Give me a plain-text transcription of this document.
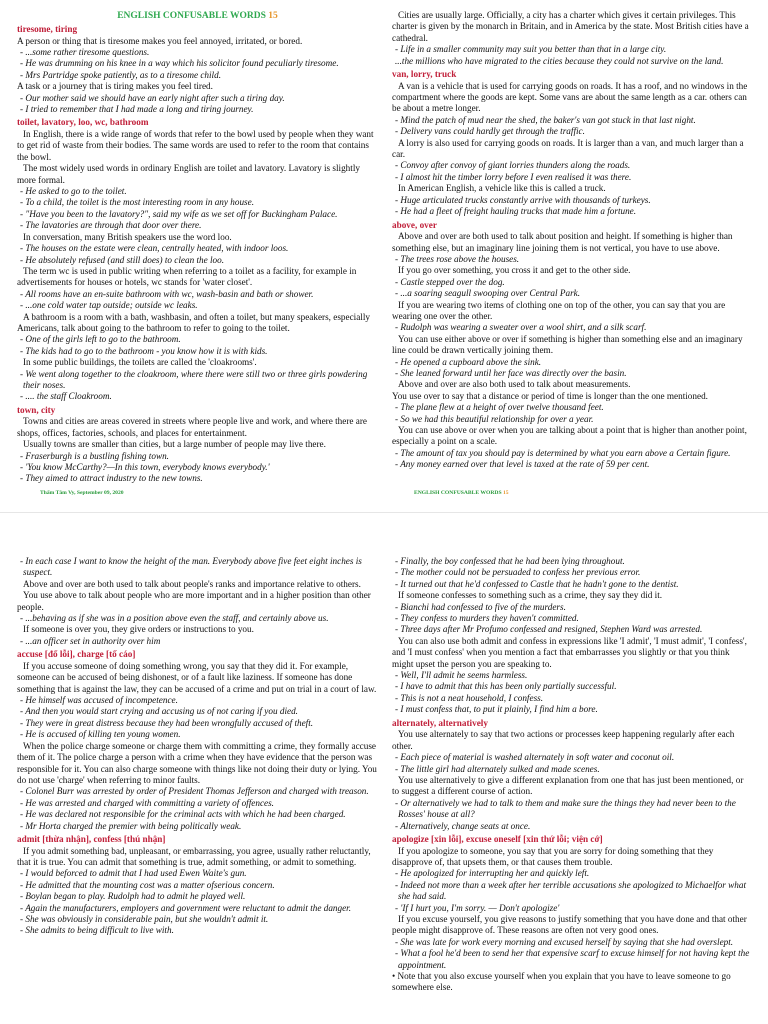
ENGLISH CONFUSABLE WORDS 15

tiresome, tiring

A person or thing that is tiresome makes you feel annoyed, irritated, or bored.

- ...some rather tiresome questions.

- He was drumming on his knee in a way which his solicitor found peculiarly tiresome.

- Mrs Partridge spoke patiently, as to a tiresome child.

A task or a journey that is tiring makes you feel tired.

- Our mother said we should have an early night after such a tiring day.

- I tried to remember that I had made a long and tiring journey.

toilet, lavatory, loo, wc, bathroom

In English, there is a wide range of words that refer to the bowl used by people when they want to get rid of waste from their bodies. The same words are used to refer to the room that contains the bowl.

The most widely used words in ordinary English are toilet and lavatory. Lavatory is slightly more formal.

- He asked to go to the toilet.

- To a child, the toilet is the most interesting room in any house.

- "Have you been to the lavatory?", said my wife as we set off for Buckingham Palace.

- The lavatories are through that door over there.

In conversation, many British speakers use the word loo.

- The houses on the estate were clean, centrally heated, with indoor loos.

- He absolutely refused (and still does) to clean the loo.

The term wc is used in public writing when referring to a toilet as a facility, for example in advertisements for houses or hotels, wc stands for 'water closet'.

- All rooms have an en-suite bathroom with wc, wash-basin and bath or shower.

- ...one cold water tap outside; outside wc leaks.

A bathroom is a room with a bath, washbasin, and often a toilet, but many speakers, especially Americans, talk about going to the bathroom to refer to going to the toilet.

- One of the girls left to go to the bathroom.

- The kids had to go to the bathroom - you know how it is with kids.

In some public buildings, the toilets are called the 'cloakrooms'.

- We went along together to the cloakroom, where there were still two or three girls powdering their noses.

- .... the staff Cloakroom.

town, city

Towns and cities are areas covered in streets where people live and work, and where there are shops, offices, factories, schools, and places for entertainment.

Usually towns are smaller than cities, but a large number of people may live there.

- Fraserburgh is a bustling fishing town.

- 'You know McCarthy?—In this town, everybody knows everybody.'

- They aimed to attract industry to the new towns.

Thẩm Tâm Vy, September 09, 2020

Cities are usually large. Officially, a city has a charter which gives it certain privileges. This charter is given by the monarch in Britain, and in America by the state. Most British cities have a cathedral.

- Life in a smaller community may suit you better than that in a large city.

...the millions who have migrated to the cities because they could not survive on the land.

van, lorry, truck

A van is a vehicle that is used for carrying goods on roads. It has a roof, and no windows in the compartment where the goods are kept. Some vans are about the same length as a car. others can be about a metre longer.

- Mind the patch of mud near the shed, the baker's van got stuck in that last night.

- Delivery vans could hardly get through the traffic.

A lorry is also used for carrying goods on roads. It is larger than a van, and much larger than a car.

- Convoy after convoy of giant lorries thunders along the roads.

- I almost hit the timber lorry before I even realised it was there.

In American English, a vehicle like this is called a truck.

- Huge articulated trucks constantly arrive with thousands of turkeys.

- He had a fleet of freight hauling trucks that made him a fortune.

above, over

Above and over are both used to talk about position and height. If something is higher than something else, but an imaginary line joining them is not vertical, you have to use above.

- The trees rose above the houses.

If you go over something, you cross it and get to the other side.

- Castle stepped over the dog.

- ...a soaring seagull swooping over Central Park.

If you are wearing two items of clothing one on top of the other, you can say that you are wearing one over the other.

- Rudolph was wearing a sweater over a wool shirt, and a silk scarf.

You can use either above or over if something is higher than something else and an imaginary line could be drawn vertically joining them.

- He opened a cupboard above the sink.

- She leaned forward until her face was directly over the basin.

Above and over are also both used to talk about measurements.

You use over to say that a distance or period of time is longer than the one mentioned.

- The plane flew at a height of over twelve thousand feet.

- So we had this beautiful relationship for over a year.

You can use above or over when you are talking about a point that is higher than another point, especially a point on a scale.

- The amount of tax you should pay is determined by what you earn above a Certain figure.

- Any money earned over that level is taxed at the rate of 59 per cent.

ENGLISH CONFUSABLE WORDS 15

- In each case I want to know the height of the man. Everybody above five feet eight inches is suspect.

Above and over are both used to talk about people's ranks and importance relative to others.

You use above to talk about people who are more important and in a higher position than other people.

- ...behaving as if she was in a position above even the staff, and certainly above us.

If someone is over you, they give orders or instructions to you.

- ...an officer set in authority over him

accuse [đổ lỗi], charge [tố cáo]

If you accuse someone of doing something wrong, you say that they did it. For example, someone can be accused of being dishonest, or of a fault like laziness. If someone has done something that is against the law, they can be accused of a crime and put on trial in a court of law.

- He himself was accused of incompetence.

- And then you would start crying and accusing us of not caring if you died.

- They were in great distress because they had been wrongfully accused of theft.

- He is accused of killing ten young women.

When the police charge someone or charge them with committing a crime, they formally accuse them of it. The police charge a person with a crime when they have evidence that the person was responsible for it. You can also charge someone with things like not doing their duty or lying. You do not use 'charge' when referring to minor faults.

- Colonel Burr was arrested by order of President Thomas Jefferson and charged with treason.

- He was arrested and charged with committing a variety of offences.

- He was declared not responsible for the criminal acts with which he had been charged.

- Mr Horta charged the premier with being politically weak.

admit [thừa nhận], confess [thú nhận]

If you admit something bad, unpleasant, or embarrassing, you agree, usually rather reluctantly, that it is true. You can admit that something is true, admit something, or admit to something.

- I would beforced to admit that I had used Ewen Waite's gun.

- He admitted that the mounting cost was a matter ofserious concern.

- Boylan began to play. Rudolph had to admit he played well.

- Again the manufacturers, employers and government were reluctant to admit the danger.

- She was obviously in considerable pain, but she wouldn't admit it.

- She admits to being difficult to live with.

- Finally, the boy confessed that he had been lying throughout.

- The mother could not be persuaded to confess her previous error.

- It turned out that he'd confessed to Castle that he hadn't gone to the dentist.

If someone confesses to something such as a crime, they say they did it.

- Bianchi had confessed to five of the murders.

- They confess to murders they haven't committed.

- Three days after Mr Profumo confessed and resigned, Stephen Ward was arrested.

You can also use both admit and confess in expressions like 'I admit', 'I must admit', 'I confess', and 'I must confess' when you mention a fact that embarrasses you slightly or that you think might upset the person you are speaking to.

- Well, I'll admit he seems harmless.

- I have to admit that this has been only partially successful.

- This is not a neat household, I confess.

- I must confess that, to put it plainly, I find him a bore.

alternately, alternatively

You use alternately to say that two actions or processes keep happening regularly after each other.

- Each piece of material is washed alternately in soft water and coconut oil.

- The little girl had alternately sulked and made scenes.

You use alternatively to give a different explanation from one that has just been mentioned, or to suggest a different course of action.

- Or alternatively we had to talk to them and make sure the things they had never been to the Rosses' house at all?

- Alternatively, change seats at once.

apologize [xin lỗi], excuse oneself [xin thứ lỗi; viện cớ]

If you apologize to someone, you say that you are sorry for doing something that they disapprove of, that upsets them, or that causes them trouble.

- He apologized for interrupting her and quickly left.

- Indeed not more than a week after her terrible accusations she apologized to Michaelfor what she had said.

- 'If I hurt you, I'm sorry. — Don't apologize'

If you excuse yourself, you give reasons to justify something that you have done and that other people might disapprove of. These reasons are often not very good ones.

- She was late for work every morning and excused herself by saying that she had overslept.

- What a fool he'd been to send her that expensive scarf to excuse himself for not having kept the appointment.

• Note that you also excuse yourself when you explain that you have to leave someone to go somewhere else.
